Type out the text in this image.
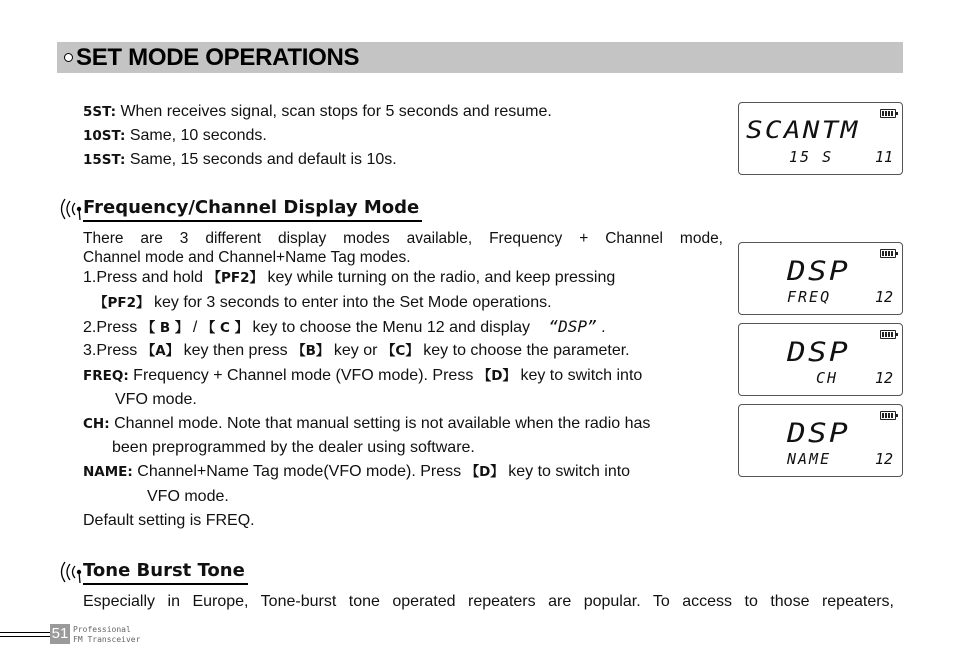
SET MODE OPERATIONS
5ST: When receives signal, scan stops for 5 seconds and resume.
10ST: Same, 10 seconds.
15ST: Same, 15 seconds and default is 10s.
Frequency/Channel Display Mode
There are 3 different display modes available, Frequency + Channel mode,
Channel mode and Channel+Name Tag modes.
1.Press and hold 【PF2】 key while turning on the radio, and keep pressing
【PF2】 key for 3 seconds to enter into the Set Mode operations.
2.Press 【 B 】 / 【 C 】 key to choose the Menu 12 and display “DSP” .
3.Press 【A】 key then press 【B】 key or 【C】 key to choose the parameter.
FREQ: Frequency + Channel mode (VFO mode). Press 【D】 key to switch into
VFO mode.
CH: Channel mode. Note that manual setting is not available when the radio has
been preprogrammed by the dealer using software.
NAME: Channel+Name Tag mode(VFO mode). Press 【D】 key to switch into
VFO mode.
Default setting is FREQ.
Tone Burst Tone
Especially in Europe, Tone-burst tone operated repeaters are popular. To access to those repeaters,
SCANTM
15 S	11
DSP
FREQ	12
DSP
CH 12
DSP
NAME	12
51 Professional
FM Transceiver
